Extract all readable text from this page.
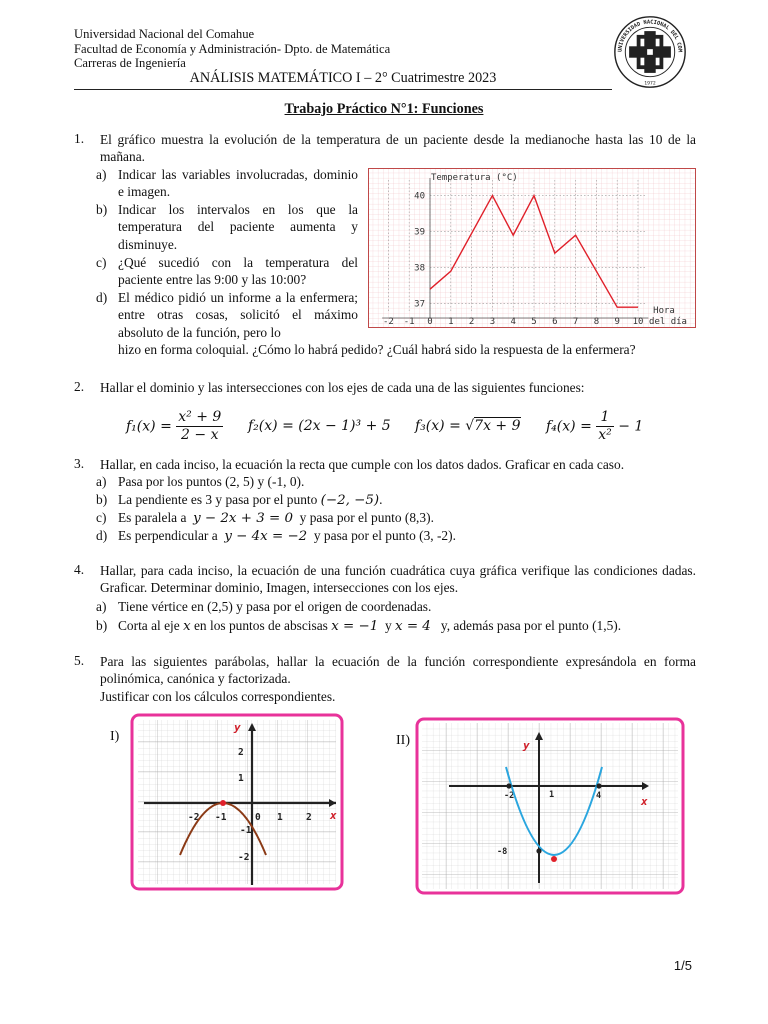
Universidad Nacional del Comahue
Facultad de Economía y Administración- Dpto. de Matemática
Carreras de Ingeniería
ANÁLISIS MATEMÁTICO I – 2° Cuatrimestre 2023
UNIVERSIDAD NACIONAL DEL COM
1972
Trabajo Práctico N°1: Funciones
1. El gráfico muestra la evolución de la temperatura de un paciente desde la medianoche hasta las 10 de la mañana.
a) Indicar las variables involucradas, dominio e imagen.
b) Indicar los intervalos en los que la temperatura del paciente aumenta y disminuye.
c) ¿Qué sucedió con la temperatura del paciente entre las 9:00 y las 10:00?
d) El médico pidió un informe a la enfermera; entre otras cosas, solicitó el máximo absoluto de la función, pero lo
hizo en forma coloquial. ¿Cómo lo habrá pedido? ¿Cuál habrá sido la respuesta de la enfermera?
Temperatura (°C)
Hora
del día
-2 -1 0 1 2 3 4 5 6 7 8 9 10
37
38
39
40
2. Hallar el dominio y las intersecciones con los ejes de cada una de las siguientes funciones:
$f_1(x) = \frac{\text{x² + 9}}{2 - x} f_2(x) = (2x - 1)^3 + 5$ f₃(x) = √7x + 9 $f_4(x) = \frac{1}{\text{x²}} - 1$
3. Hallar, en cada inciso, la ecuación la recta que cumple con los datos dados. Graficar en cada caso.
a) Pasa por los puntos (2, 5) y (-1, 0).
b) La pendiente es 3 y pasa por el punto (−2, −5).
c) Es paralela a  y − 2x + 3 = 0  y pasa por el punto (8,3).
d) Es perpendicular a  y − 4x = −2  y pasa por el punto (3, -2).
4. Hallar, para cada inciso, la ecuación de una función cuadrática cuya gráfica verifique las condiciones dadas. Graficar. Determinar dominio, Imagen, intersecciones con los ejes.
a) Tiene vértice en (2,5) y pasa por el origen de coordenadas.
b) Corta al eje x en los puntos de abscisas x = −1  y x = 4   y, además pasa por el punto (1,5).
5. Para las siguientes parábolas, hallar la ecuación de la función correspondiente expresándola en forma polinómica, canónica y factorizada.
Justificar con los cálculos correspondientes.
I)	II)
x
y
-2 -1	0 1 2
2
1
-1
-2
x
y
-2	1	4
-8
1/5
